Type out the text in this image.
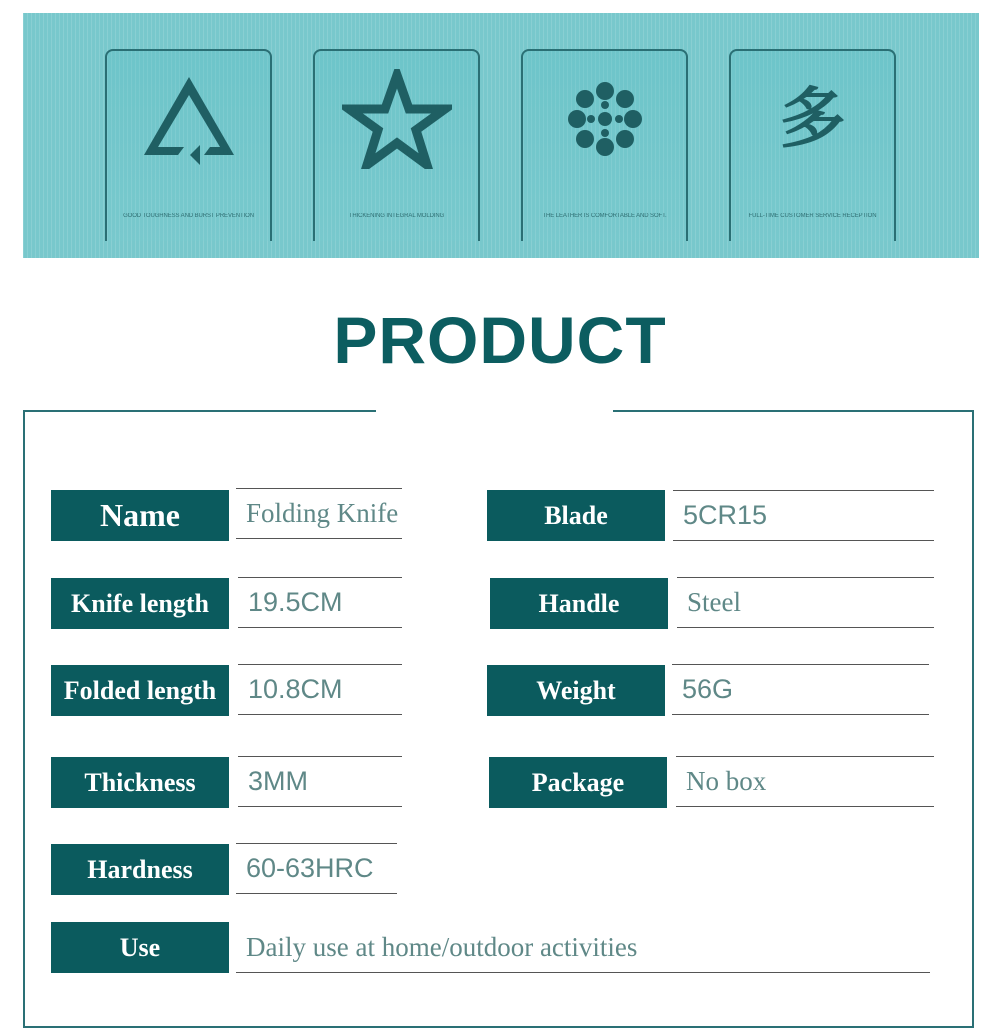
GOOD TOUGHNESS AND BURST PREVENTION	THICKENING INTEGRAL MOLDING	THE LEATHER IS COMFORTABLE AND SOFT.
多
FULL-TIME CUSTOMER SERVICE RECEPTION
PRODUCT
Name	Folding Knife	Blade	5CR15
Knife length	19.5CM	Handle	Steel
Folded length	10.8CM	Weight	56G
Thickness	3MM	Package	No box
Hardness	60-63HRC
Use	Daily use at home/outdoor activities
